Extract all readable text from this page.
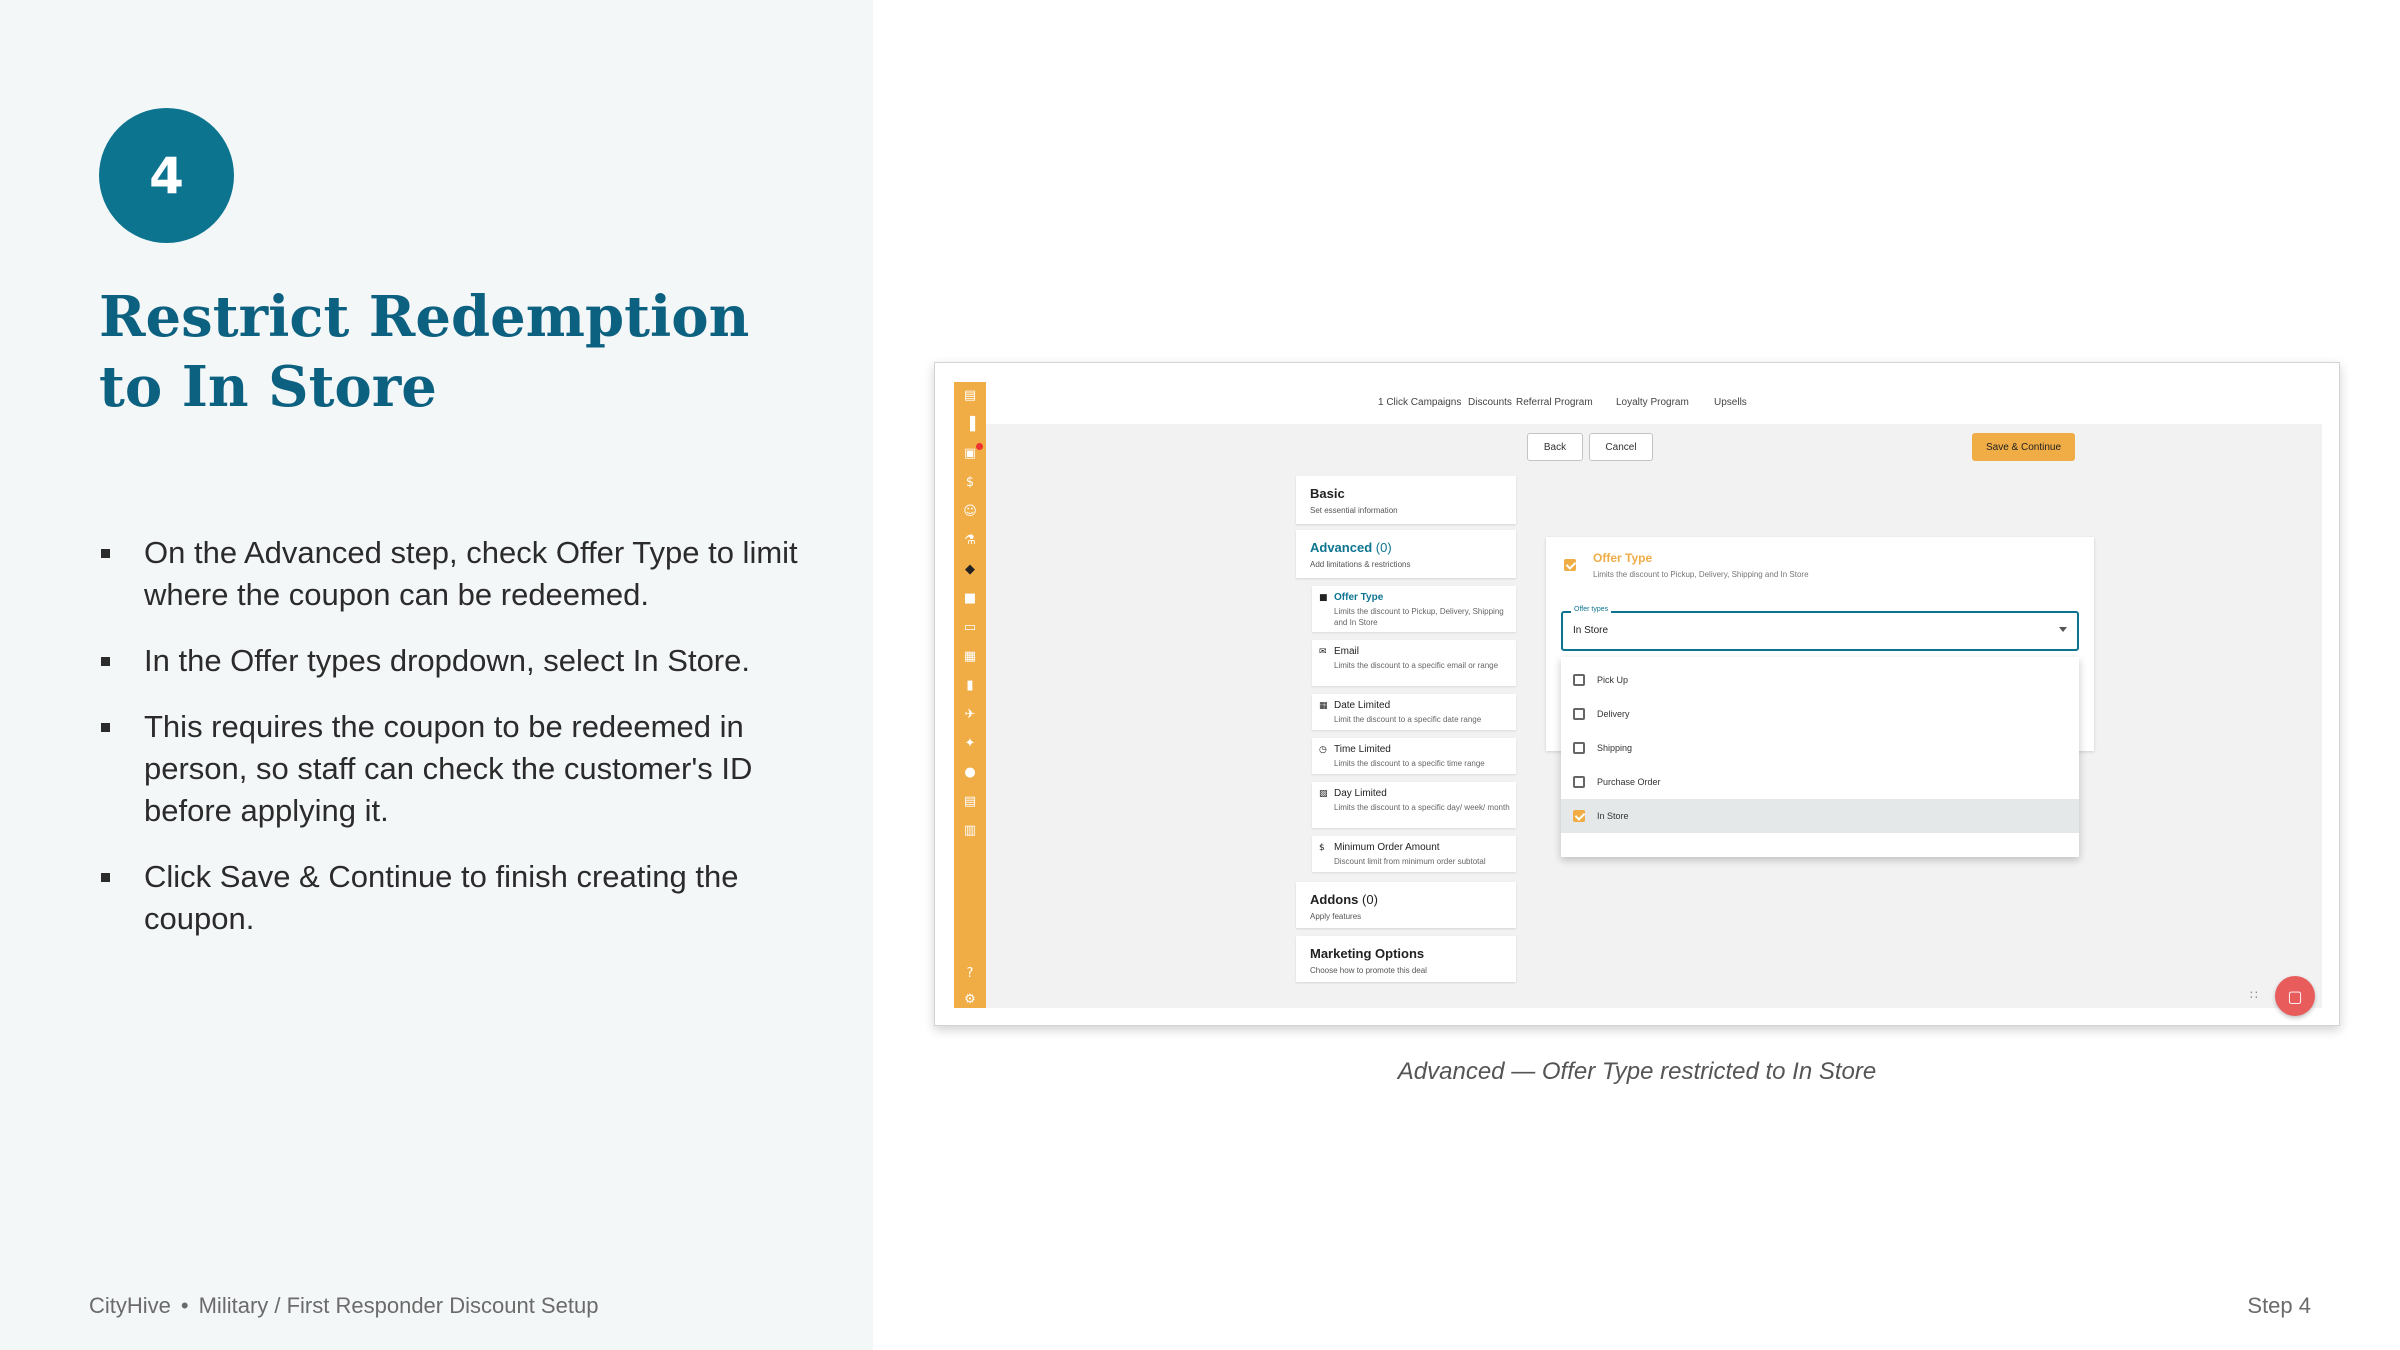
4
Restrict Redemption to In Store
On the Advanced step, check Offer Type to limit where the coupon can be redeemed.
In the Offer types dropdown, select In Store.
This requires the coupon to be redeemed in person, so staff can check the customer's ID before applying it.
Click Save & Continue to finish creating the coupon.
CityHive • Military / First Responder Discount Setup	Step 4
▤
▐
▣
$
☺
⚗
◆
■
▭
▦
▮
✈
✦
●
▤
▥
?
⚙
1 Click Campaigns Discounts Referral Program Loyalty Program	Upsells
Back	Cancel	Save & Continue
Basic
Set essential information
Advanced (0)
Add limitations & restrictions
■ Offer Type
Limits the discount to Pickup, Delivery, Shipping and In Store
✉ Email
Limits the discount to a specific email or range
▦ Date Limited
Limit the discount to a specific date range
◷ Time Limited
Limits the discount to a specific time range
▧ Day Limited
Limits the discount to a specific day/ week/ month
$ Minimum Order Amount
Discount limit from minimum order subtotal
Addons (0)
Apply features
Marketing Options
Choose how to promote this deal
Offer Type
Limits the discount to Pickup, Delivery, Shipping and In Store
Offer types
In Store
Pick Up
Delivery
Shipping
Purchase Order
In Store
∷	▢
Advanced — Offer Type restricted to In Store
